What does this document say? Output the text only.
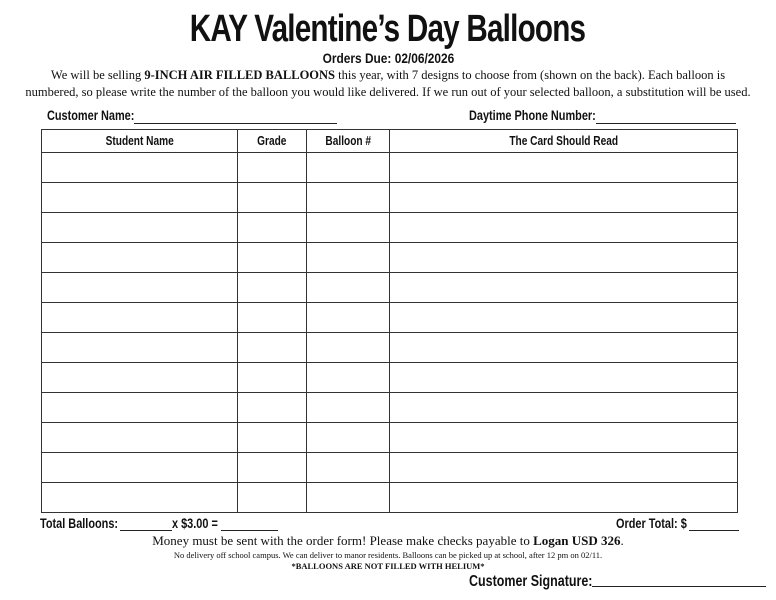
KAY Valentine’s Day Balloons
Orders Due: 02/06/2026

We will be selling 9-INCH AIR FILLED BALLOONS this year, with 7 designs to choose from (shown on the back). Each balloon is numbered, so please write the number of the balloon you would like delivered. If we run out of your selected balloon, a substitution will be used.

Customer Name:	Daytime Phone Number:
Student Name	Grade	Balloon #	The Card Should Read

Total Balloons:	x $3.00 =	Order Total: $

Money must be sent with the order form! Please make checks payable to Logan USD 326.

No delivery off school campus. We can deliver to manor residents. Balloons can be picked up at school, after 12 pm on 02/11.

*BALLOONS ARE NOT FILLED WITH HELIUM*

Customer Signature:
